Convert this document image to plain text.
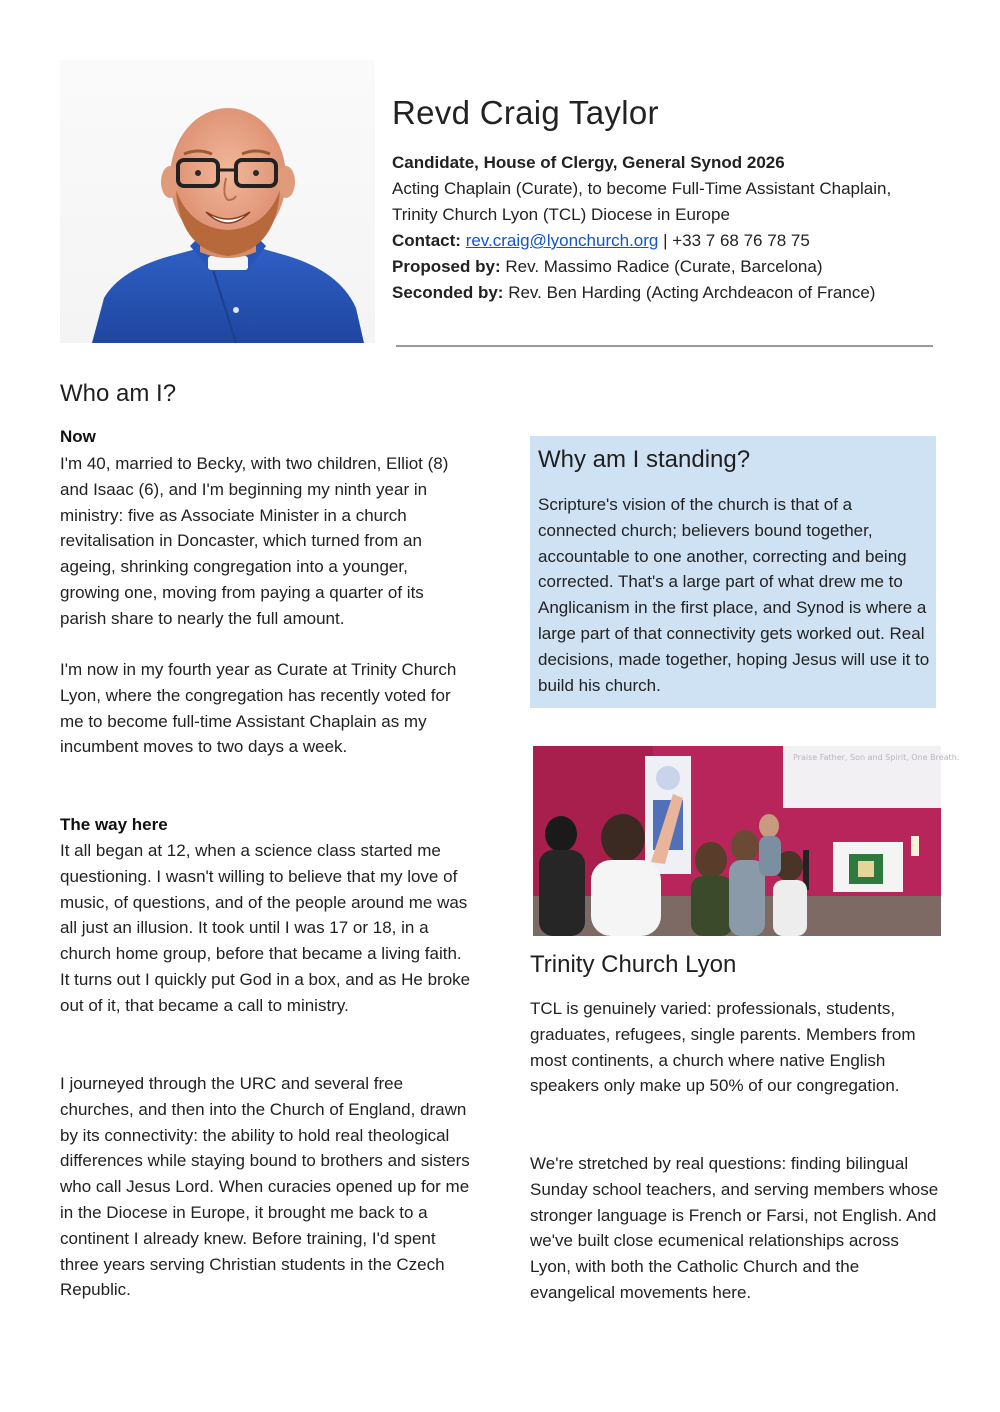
Revd Craig Taylor
Candidate, House of Clergy, General Synod 2026
Acting Chaplain (Curate), to become Full-Time Assistant Chaplain,
Trinity Church Lyon (TCL) Diocese in Europe
Contact: rev.craig@lyonchurch.org | +33 7 68 76 78 75
Proposed by: Rev. Massimo Radice (Curate, Barcelona)
Seconded by: Rev. Ben Harding (Acting Archdeacon of France)
Who am I?
Now

I'm 40, married to Becky, with two children, Elliot (8) and Isaac (6), and I'm beginning my ninth year in ministry: five as Associate Minister in a church revitalisation in Doncaster, which turned from an ageing, shrinking congregation into a younger, growing one, moving from paying a quarter of its parish share to nearly the full amount.

I'm now in my fourth year as Curate at Trinity Church Lyon, where the congregation has recently voted for me to become full-time Assistant Chaplain as my incumbent moves to two days a week.

The way here

It all began at 12, when a science class started me questioning. I wasn't willing to believe that my love of music, of questions, and of the people around me was all just an illusion. It took until I was 17 or 18, in a church home group, before that became a living faith. It turns out I quickly put God in a box, and as He broke out of it, that became a call to ministry.

I journeyed through the URC and several free churches, and then into the Church of England, drawn by its connectivity: the ability to hold real theological differences while staying bound to brothers and sisters who call Jesus Lord. When curacies opened up for me in the Diocese in Europe, it brought me back to a continent I already knew. Before training, I'd spent three years serving Christian students in the Czech Republic.

Why am I standing?

Scripture's vision of the church is that of a connected church; believers bound together, accountable to one another, correcting and being corrected. That's a large part of what drew me to Anglicanism in the first place, and Synod is where a large part of that connectivity gets worked out. Real decisions, made together, hoping Jesus will use it to build his church.

Praise Father, Son and Spirit, One Breath.
Trinity Church Lyon

TCL is genuinely varied: professionals, students, graduates, refugees, single parents. Members from most continents, a church where native English speakers only make up 50% of our congregation.

We're stretched by real questions: finding bilingual Sunday school teachers, and serving members whose stronger language is French or Farsi, not English. And we've built close ecumenical relationships across Lyon, with both the Catholic Church and the evangelical movements here.
